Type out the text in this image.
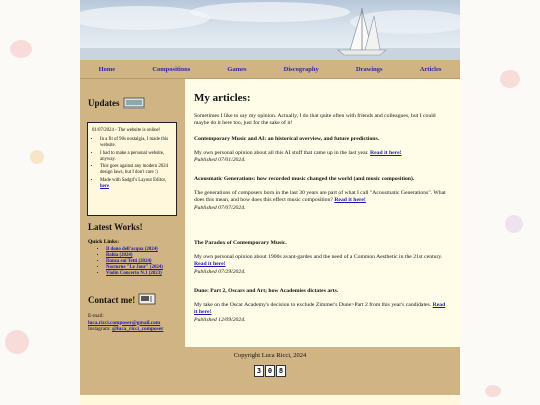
Home	Compositions	Games	Discography	Drawings	Articles
Updates
01/07/2024 - The website is online!
• In a fit of 90s nostalgia, I made this website.
• I had to make a personal website, anyway.
• This goes against any modern 2024 design laws, but I don't care :)
• Made with Sadgrl's Layout Editor, here
Latest Works!
Quick Links:
• Il dono dell'acqua (2024)
• Bahia (2024)
• Danza sui Tetti (2024)
• Nocturne "Le Jour" (2024)
• Violin Concerto N.1 (2023)
Contact me!
E-mail:
luca.ricci.composer@gmail.com
Instagram: @luca_ricci_composer
My articles:
Sometimes I like to say my opinion. Actually, I do that quite often with friends and colleagues, but I could maybe do it here too, just for the sake of it!
Contemporary Music and AI: an historical overview, and future predictions.
My own personal opinion about all this AI stuff that came up in the last year. Read it here!
Published 07/01/2024.
Acousmatic Generations: how recorded music changed the world (and music composition).
The generations of composers born in the last 30 years are part of what I call "Acousmatic Generations". What does this mean, and how does this effect music composition? Read it here!
Published 07/07/2024.
The Paradox of Contemporary Music.
My own personal opinion about 1900s avant-gardes and the need of a Common Aesthetic in the 21st century. Read it here!
Published 07/29/2024.
Dune: Part 2, Oscars and Art; how Academies dictates arts.
My take on the Oscar Academy's decision to exclude Zimmer's Dune>Part 2 from this year's candidates. Read it here!
Published 12/09/2024.
Copyright Luca Ricci, 2024
3 0 8
